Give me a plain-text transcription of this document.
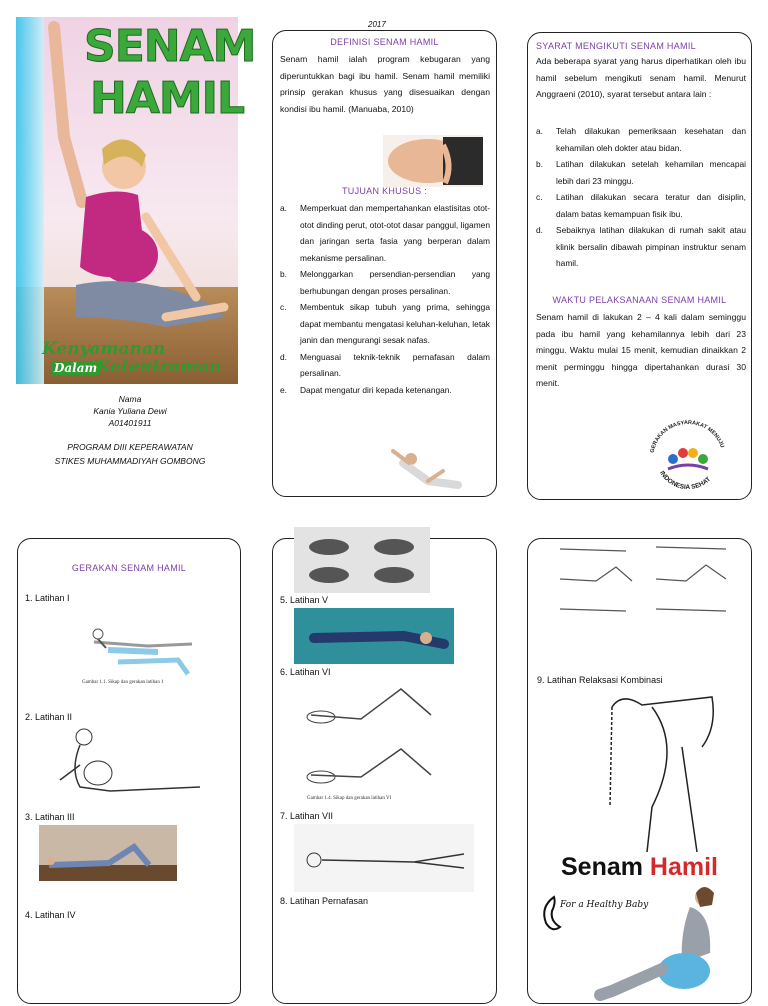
SENAM
HAMIL
Kenyamanan
Dalam
Ketentraman
Nama
Kania Yuliana Dewi
A01401911
PROGRAM DIII KEPERAWATAN
STIKES MUHAMMADIYAH GOMBONG
2017
DEFINISI SENAM HAMIL
Senam hamil ialah program kebugaran yang diperuntukkan bagi ibu hamil. Senam hamil memiliki prinsip gerakan khusus yang disesuaikan dengan kondisi ibu hamil. (Manuaba, 2010)
TUJUAN KHUSUS :
a. Memperkuat dan mempertahankan elastisitas otot-otot dinding perut, otot-otot dasar panggul, ligamen dan jaringan serta fasia yang berperan dalam mekanisme persalinan.
b. Melonggarkan persendian-persendian yang berhubungan dengan proses persalinan.
c. Membentuk sikap tubuh yang prima, sehingga dapat membantu mengatasi keluhan-keluhan, letak janin dan mengurangi sesak nafas.
d. Menguasai teknik-teknik pernafasan dalam persalinan.
e. Dapat mengatur diri kepada ketenangan.
SYARAT MENGIKUTI SENAM HAMIL
Ada beberapa syarat yang harus diperhatikan oleh ibu hamil sebelum mengikuti senam hamil. Menurut Anggraeni (2010), syarat tersebut antara lain :
a. Telah dilakukan pemeriksaan kesehatan dan kehamilan oleh dokter atau bidan.
b. Latihan dilakukan setelah kehamilan mencapai lebih dari 23 minggu.
c. Latihan dilakukan secara teratur dan disiplin, dalam batas kemampuan fisik ibu.
d. Sebaiknya latihan dilakukan di rumah sakit atau klinik bersalin dibawah pimpinan instruktur senam hamil.
WAKTU PELAKSANAAN SENAM HAMIL
Senam hamil di lakukan 2 – 4 kali dalam seminggu pada ibu hamil yang kehamilannya lebih dari 23 minggu. Waktu mulai 15 menit, kemudian dinaikkan 2 menit perminggu hingga dipertahankan durasi 30 menit.
GERAKAN MASYARAKAT MENUJU
INDONESIA SEHAT
GERAKAN SENAM HAMIL
1. Latihan I
Gambar 1.1. Sikap dan gerakan latihan 1
2. Latihan II
3. Latihan III
4. Latihan IV
5. Latihan V
6. Latihan VI
Gambar 1.4. Sikap dan gerakan latihan VI
7. Latihan VII
8. Latihan Pernafasan
9. Latihan Relaksasi Kombinasi
Senam Hamil
For a Healthy Baby
